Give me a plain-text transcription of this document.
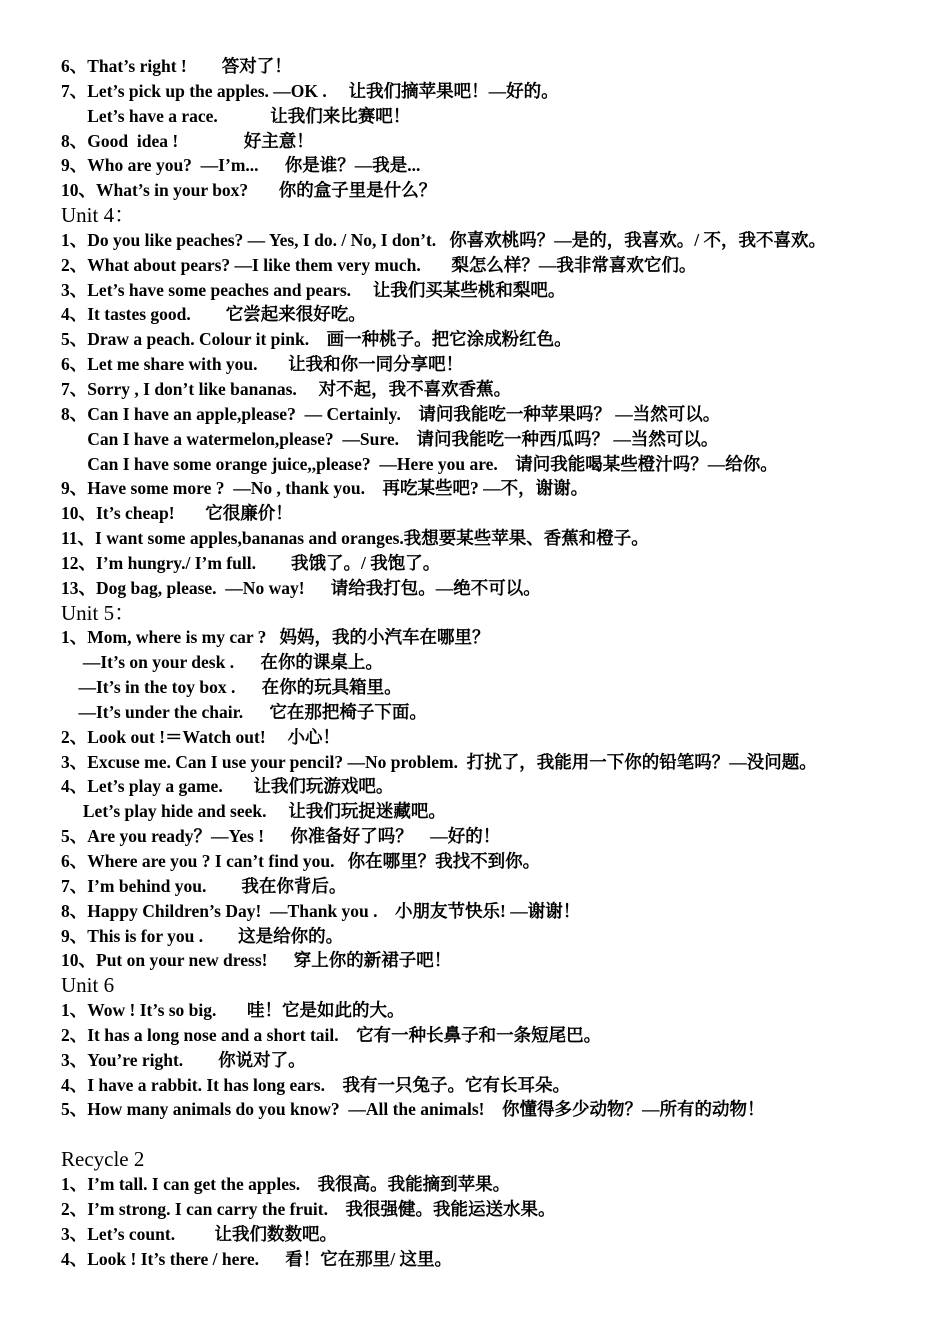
6、That’s right !        答对了！
7、Let’s pick up the apples. —OK .     让我们摘苹果吧！—好的。
Let’s have a race.            让我们来比赛吧！
8、Good  idea !               好主意！
9、Who are you?  —I’m...      你是谁？—我是...
10、What’s in your box?       你的盒子里是什么？
Unit 4：
1、Do you like peaches? — Yes, I do. / No, I don’t.   你喜欢桃吗？—是的，我喜欢。/ 不，我不喜欢。
2、What about pears? —I like them very much.       梨怎么样？—我非常喜欢它们。
3、Let’s have some peaches and pears.     让我们买某些桃和梨吧。
4、It tastes good.        它尝起来很好吃。
5、Draw a peach. Colour it pink.    画一种桃子。把它涂成粉红色。
6、Let me share with you.       让我和你一同分享吧！
7、Sorry , I don’t like bananas.     对不起，我不喜欢香蕉。
8、Can I have an apple,please?  — Certainly.    请问我能吃一种苹果吗？ —当然可以。
Can I have a watermelon,please?  —Sure.    请问我能吃一种西瓜吗？ —当然可以。
Can I have some orange juice,,please?  —Here you are.    请问我能喝某些橙汁吗？—给你。
9、Have some more ?  —No , thank you.    再吃某些吧? —不，谢谢。
10、It’s cheap!       它很廉价！
11、I want some apples,bananas and oranges.我想要某些苹果、香蕉和橙子。
12、I’m hungry./ I’m full.        我饿了。/ 我饱了。
13、Dog bag, please.  —No way!      请给我打包。—绝不可以。
Unit 5：
1、Mom, where is my car ?   妈妈，我的小汽车在哪里？
—It’s on your desk .      在你的课桌上。
—It’s in the toy box .      在你的玩具箱里。
—It’s under the chair.      它在那把椅子下面。
2、Look out !＝Watch out!     小心！
3、Excuse me. Can I use your pencil? —No problem.  打扰了，我能用一下你的铅笔吗？—没问题。
4、Let’s play a game.       让我们玩游戏吧。
Let’s play hide and seek.     让我们玩捉迷藏吧。
5、Are you ready？—Yes !      你准备好了吗？    —好的！
6、Where are you ? I can’t find you.   你在哪里？我找不到你。
7、I’m behind you.        我在你背后。
8、Happy Children’s Day!  —Thank you .    小朋友节快乐! —谢谢！
9、This is for you .        这是给你的。
10、Put on your new dress!      穿上你的新裙子吧！
Unit 6
1、Wow ! It’s so big.       哇！它是如此的大。
2、It has a long nose and a short tail.    它有一种长鼻子和一条短尾巴。
3、You’re right.        你说对了。
4、I have a rabbit. It has long ears.    我有一只兔子。它有长耳朵。
5、How many animals do you know?  —All the animals!    你懂得多少动物？—所有的动物！
Recycle 2
1、I’m tall. I can get the apples.    我很高。我能摘到苹果。
2、I’m strong. I can carry the fruit.    我很强健。我能运送水果。
3、Let’s count.         让我们数数吧。
4、Look ! It’s there / here.      看！它在那里/ 这里。
